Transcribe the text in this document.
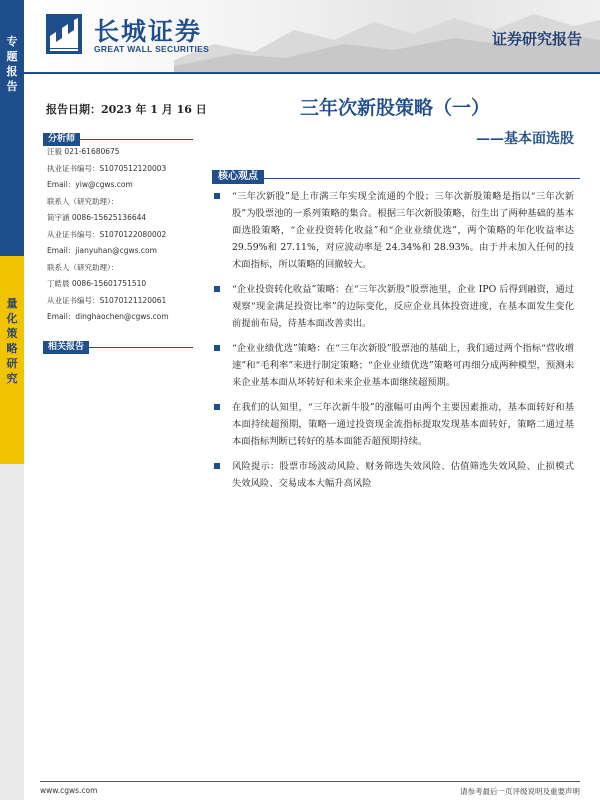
专
题
报
告
量
化
策
略
研
究
长城证券
GREAT WALL SECURITIES
证券研究报告
报告日期：2023 年 1 月 16 日	三年次新股策略（一）
——基本面选股
分析师
汪毅 021-61680675
执业证书编号：S1070512120003
Email：yiw@cgws.com
联系人（研究助理）：
简宇涵 0086-15625136644
从业证书编号：S1070122080002
Email：jianyuhan@cgws.com
联系人（研究助理）：
丁皓晨 0086-15601751510
从业证书编号：S1070121120061
Email：dinghaochen@cgws.com
相关报告
核心观点
“三年次新股”是上市满三年实现全流通的个股；三年次新股策略是指以“三年次新股”为股票池的一系列策略的集合。根据三年次新股策略，衍生出了两种基础的基本面选股策略，“企业投资转化收益”和“企业业绩优选”，两个策略的年化收益率达 29.59%和 27.11%，对应波动率是 24.34%和 28.93%。由于并未加入任何的技术面指标，所以策略的回撤较大。
“企业投资转化收益”策略：在“三年次新股”股票池里，企业 IPO 后得到融资，通过观察“现金满足投资比率”的边际变化，反应企业具体投资进度，在基本面发生变化前提前布局，待基本面改善卖出。
“企业业绩优选”策略：在“三年次新股”股票池的基础上，我们通过两个指标“营收增速”和“毛利率”来进行制定策略；“企业业绩优选”策略可再细分成两种模型，预测未来企业基本面从坏转好和未来企业基本面继续超预期。
在我们的认知里，“三年次新牛股”的涨幅可由两个主要因素推动，基本面转好和基本面持续超预期，策略一通过投资现金流指标提取发现基本面转好，策略二通过基本面指标判断已转好的基本面能否超预期持续。
风险提示：股票市场波动风险、财务筛选失效风险、估值筛选失效风险、止损模式失效风险、交易成本大幅升高风险
www.cgws.com	请参考最后一页评级说明及重要声明
